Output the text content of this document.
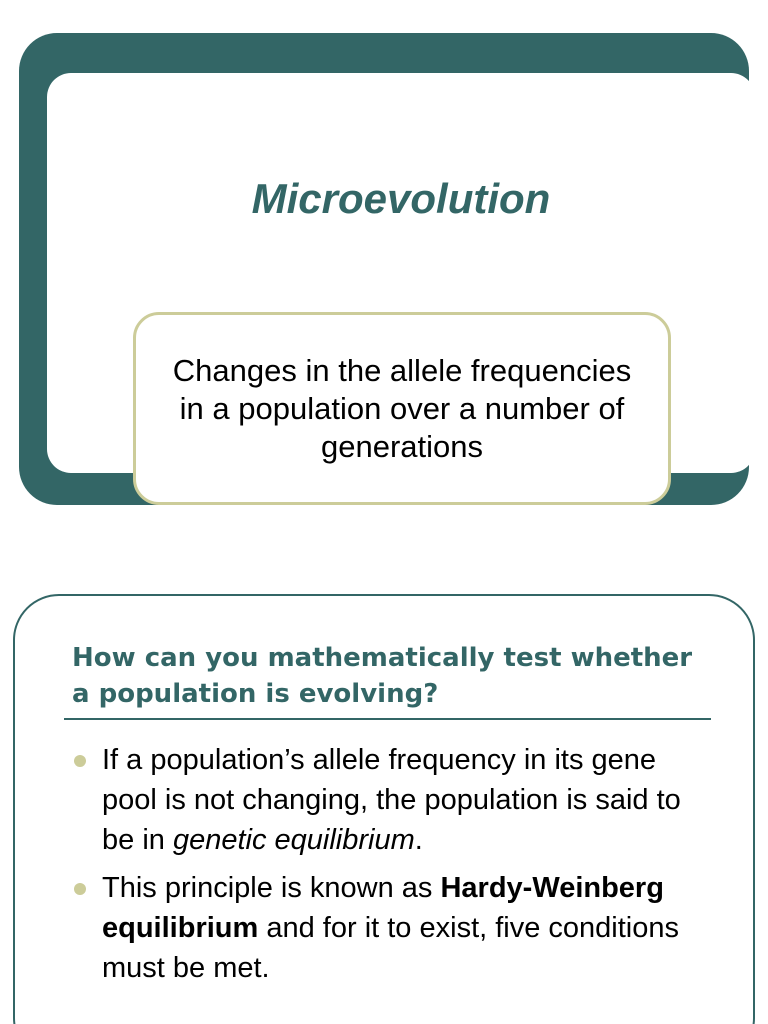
Microevolution
Changes in the allele frequencies in a population over a number of generations
How can you mathematically test whether a population is evolving?
If a population’s allele frequency in its gene pool is not changing, the population is said to be in genetic equilibrium.
This principle is known as Hardy-Weinberg equilibrium and for it to exist, five conditions must be met.
